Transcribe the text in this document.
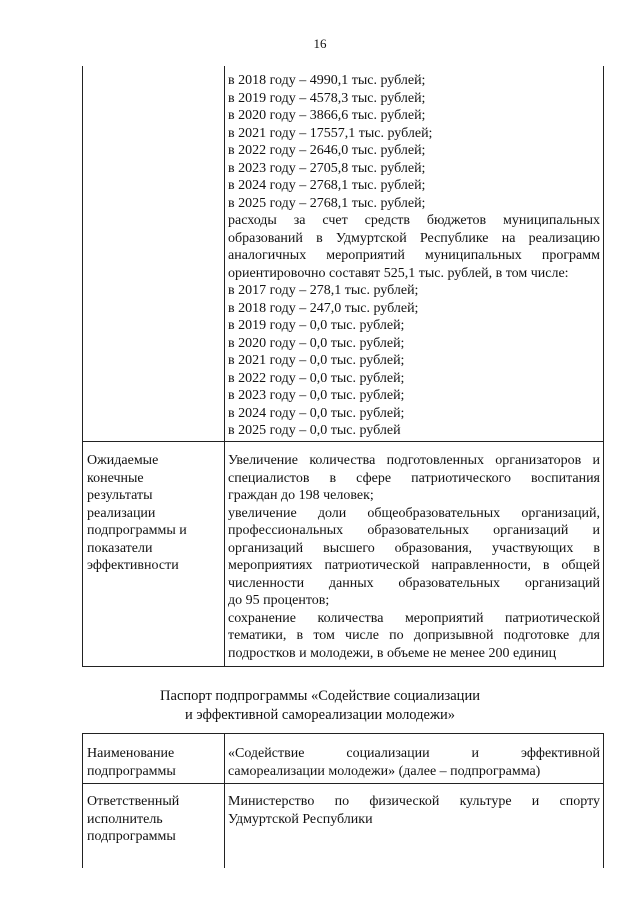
16
в 2018 году – 4990,1 тыс. рублей;
в 2019 году – 4578,3 тыс. рублей;
в 2020 году – 3866,6 тыс. рублей;
в 2021 году – 17557,1 тыс. рублей;
в 2022 году – 2646,0 тыс. рублей;
в 2023 году – 2705,8 тыс. рублей;
в 2024 году – 2768,1 тыс. рублей;
в 2025 году – 2768,1 тыс. рублей;
расходы за счет средств бюджетов муниципальных
образований в Удмуртской Республике на реализацию
аналогичных мероприятий муниципальных программ
ориентировочно составят 525,1 тыс. рублей, в том числе:
в 2017 году – 278,1 тыс. рублей;
в 2018 году – 247,0 тыс. рублей;
в 2019 году – 0,0 тыс. рублей;
в 2020 году – 0,0 тыс. рублей;
в 2021 году – 0,0 тыс. рублей;
в 2022 году – 0,0 тыс. рублей;
в 2023 году – 0,0 тыс. рублей;
в 2024 году – 0,0 тыс. рублей;
в 2025 году – 0,0 тыс. рублей
Ожидаемые
конечные
результаты
реализации
подпрограммы и
показатели
эффективности
Увеличение количества подготовленных организаторов и
специалистов в сфере патриотического воспитания
граждан до 198 человек;
увеличение доли общеобразовательных организаций,
профессиональных образовательных организаций и
организаций высшего образования, участвующих в
мероприятиях патриотической направленности, в общей
численности данных образовательных организаций
до 95 процентов;
сохранение количества мероприятий патриотической
тематики, в том числе по допризывной подготовке для
подростков и молодежи, в объеме не менее 200 единиц
Паспорт подпрограммы «Содействие социализации
и эффективной самореализации молодежи»
Наименование
подпрограммы
«Содействие социализации и эффективной
самореализации молодежи» (далее – подпрограмма)
Ответственный
исполнитель
подпрограммы
Министерство по физической культуре и спорту
Удмуртской Республики
